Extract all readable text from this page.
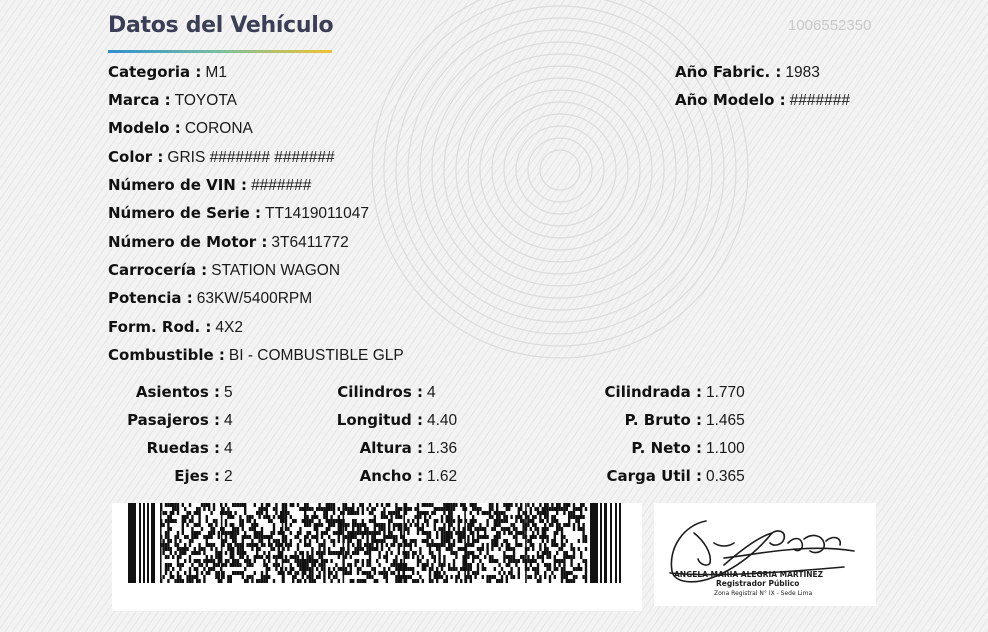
Datos del Vehículo	1006552350
Categoria : M1
Marca : TOYOTA
Modelo : CORONA
Color : GRIS ####### #######
Número de VIN : #######
Número de Serie : TT1419011047
Número de Motor : 3T6411772
Carrocería : STATION WAGON
Potencia : 63KW/5400RPM
Form. Rod. : 4X2
Combustible : BI - COMBUSTIBLE GLP
Año Fabric. : 1983
Año Modelo : #######
Asientos : 5
Pasajeros : 4
Ruedas : 4
Ejes : 2
Cilindros : 4
Longitud : 4.40
Altura : 1.36
Ancho : 1.62
Cilindrada : 1.770
P. Bruto : 1.465
P. Neto : 1.100
Carga Util : 0.365
ANGELA MARIA ALEGRIA MARTINEZ
Registrador Público
Zona Registral N° IX - Sede Lima
